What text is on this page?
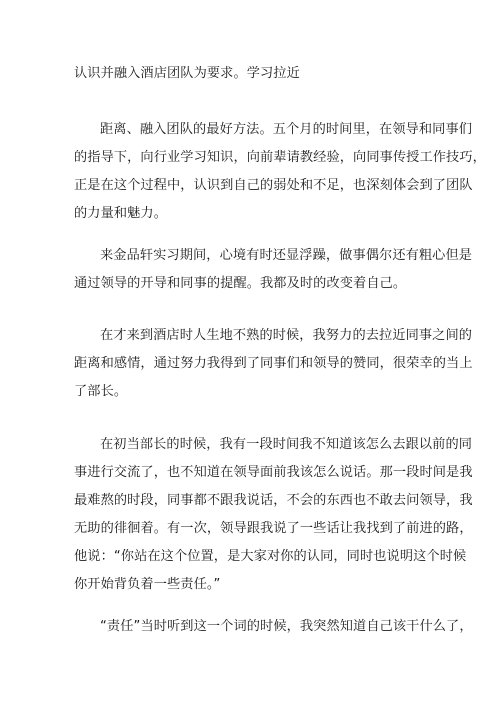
认识并融入酒店团队为要求。学习拉近
距离、融入团队的最好方法。五个月的时间里，在领导和同事们
的指导下，向行业学习知识，向前辈请教经验，向同事传授工作技巧，
正是在这个过程中，认识到自己的弱处和不足，也深刻体会到了团队
的力量和魅力。
来金品轩实习期间，心境有时还显浮躁，做事偶尔还有粗心但是
通过领导的开导和同事的提醒。我都及时的改变着自己。
在才来到酒店时人生地不熟的时候，我努力的去拉近同事之间的
距离和感情，通过努力我得到了同事们和领导的赞同，很荣幸的当上
了部长。
在初当部长的时候，我有一段时间我不知道该怎么去跟以前的同
事进行交流了，也不知道在领导面前我该怎么说话。那一段时间是我
最难熬的时段，同事都不跟我说话，不会的东西也不敢去问领导，我
无助的徘徊着。有一次，领导跟我说了一些话让我找到了前进的路，
他说：“你站在这个位置，是大家对你的认同，同时也说明这个时候
你开始背负着一些责任。”
“责任”当时听到这一个词的时候，我突然知道自己该干什么了，
